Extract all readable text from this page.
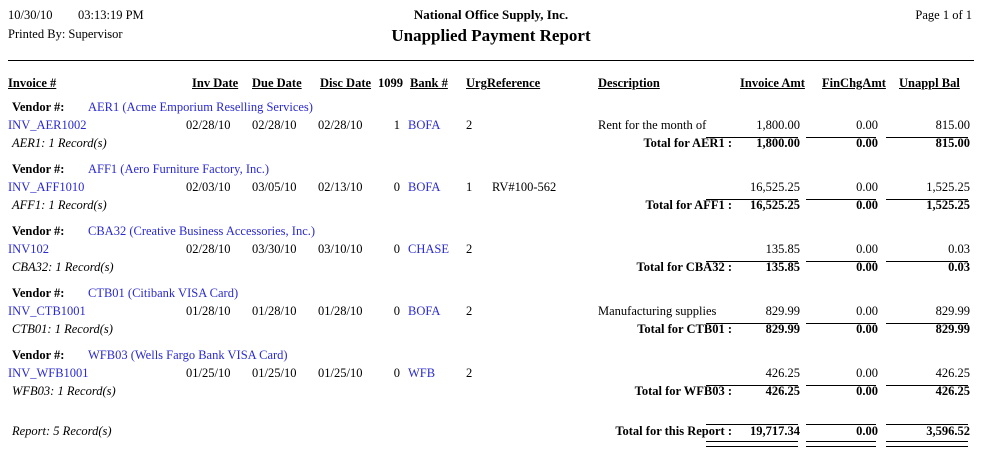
10/30/10 03:13:19 PM
Printed By: Supervisor
National Office Supply, Inc.
Unapplied Payment Report
Page 1 of 1
Invoice #	Inv Date Due Date Disc Date 1099 Bank # Urg Reference	Description	Invoice Amt FinChgAmt Unappl Bal
Vendor #: AER1 (Acme Emporium Reselling Services)
INV_AER1002	02/28/10 02/28/10 02/28/10	1 BOFA 2	Rent for the month of	1,800.00	0.00	815.00
AER1: 1 Record(s)	Total for AER1 :	1,800.00	0.00	815.00
Vendor #: AFF1 (Aero Furniture Factory, Inc.)
INV_AFF1010	02/03/10 03/05/10 02/13/10	0 BOFA 1 RV#100-562	16,525.25	0.00	1,525.25
AFF1: 1 Record(s)	Total for AFF1 :	16,525.25	0.00	1,525.25
Vendor #: CBA32 (Creative Business Accessories, Inc.)
INV102	02/28/10 03/30/10 03/10/10	0 CHASE 2	135.85	0.00	0.03
CBA32: 1 Record(s)	Total for CBA32 :	135.85	0.00	0.03
Vendor #: CTB01 (Citibank VISA Card)
INV_CTB1001	01/28/10 01/28/10 01/28/10	0 BOFA 2	Manufacturing supplies	829.99	0.00	829.99
CTB01: 1 Record(s)	Total for CTB01 :	829.99	0.00	829.99
Vendor #: WFB03 (Wells Fargo Bank VISA Card)
INV_WFB1001	01/25/10 01/25/10 01/25/10	0 WFB 2	426.25	0.00	426.25
WFB03: 1 Record(s)	Total for WFB03 :	426.25	0.00	426.25
Report: 5 Record(s)	Total for this Report :	19,717.34	0.00	3,596.52
